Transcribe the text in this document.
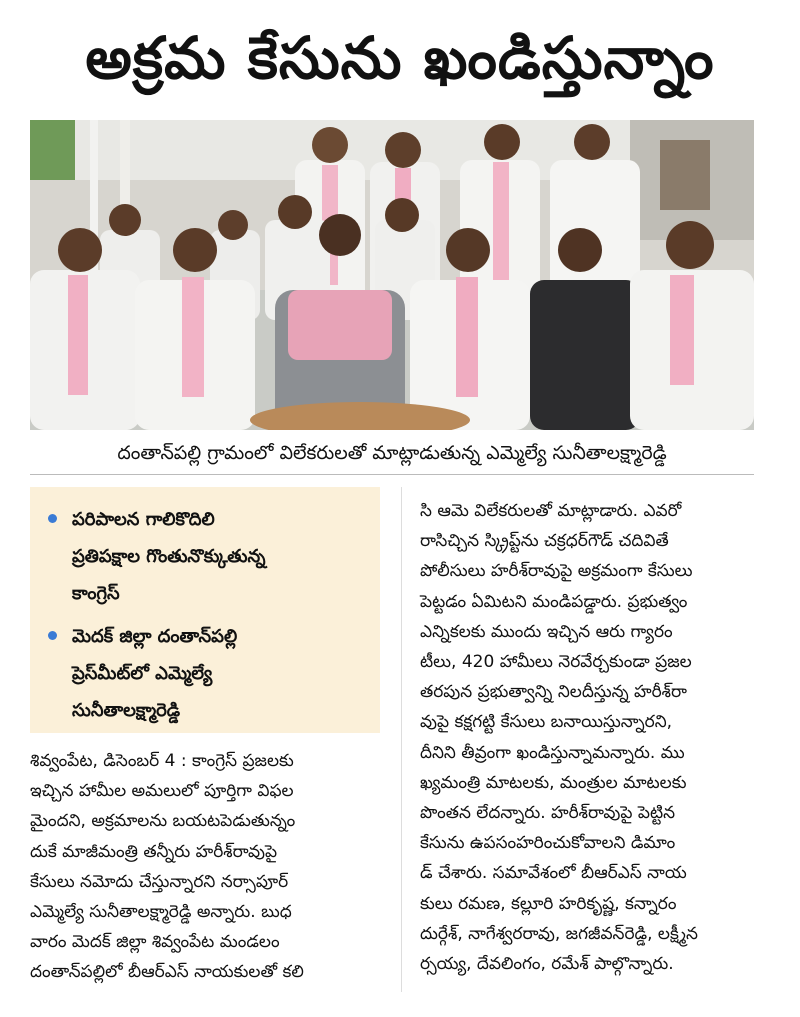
అక్రమ కేసును ఖండిస్తున్నాం
దంతాన్‌పల్లి గ్రామంలో విలేకరులతో మాట్లాడుతున్న ఎమ్మెల్యే సునీతాలక్ష్మారెడ్డి
పరిపాలన గాలికొదిలి
ప్రతిపక్షాల గొంతునొక్కుతున్న
కాంగ్రెస్
మెదక్ జిల్లా దంతాన్‌పల్లి
ప్రెస్‌మీట్‌లో ఎమ్మెల్యే
సునీతాలక్ష్మారెడ్డి
శివ్వంపేట, డిసెంబర్ 4 : కాంగ్రెస్ ప్రజలకు
ఇచ్చిన హామీల అమలులో పూర్తిగా విఫల
మైందని, అక్రమాలను బయటపెడుతున్నం
దుకే మాజీమంత్రి తన్నీరు హరీశ్‌రావుపై
కేసులు నమోదు చేస్తున్నారని నర్సాపూర్
ఎమ్మెల్యే సునీతాలక్ష్మారెడ్డి అన్నారు. బుధ
వారం మెదక్ జిల్లా శివ్వంపేట మండలం
దంతాన్‌పల్లిలో బీఆర్‌ఎస్ నాయకులతో కలి
సి ఆమె విలేకరులతో మాట్లాడారు. ఎవరో
రాసిచ్చిన స్క్రిప్ట్‌ను చక్రధర్‌గౌడ్ చదివితే
పోలీసులు హరీశ్‌రావుపై అక్రమంగా కేసులు
పెట్టడం ఏమిటని మండిపడ్డారు. ప్రభుత్వం
ఎన్నికలకు ముందు ఇచ్చిన ఆరు గ్యారం
టీలు, 420 హామీలు నెరవేర్చకుండా ప్రజల
తరపున ప్రభుత్వాన్ని నిలదీస్తున్న హరీశ్‌రా
వుపై కక్షగట్టి కేసులు బనాయిస్తున్నారని,
దీనిని తీవ్రంగా ఖండిస్తున్నామన్నారు. ము
ఖ్యమంత్రి మాటలకు, మంత్రుల మాటలకు
పొంతన లేదన్నారు. హరీశ్‌రావుపై పెట్టిన
కేసును ఉపసంహరించుకోవాలని డిమాం
డ్ చేశారు. సమావేశంలో బీఆర్‌ఎస్ నాయ
కులు రమణ, కల్లూరి హరికృష్ణ, కన్నారం
దుర్గేశ్, నాగేశ్వరరావు, జగజీవన్‌రెడ్డి, లక్ష్మీన
ర్సయ్య, దేవలింగం, రమేశ్ పాల్గొన్నారు.
